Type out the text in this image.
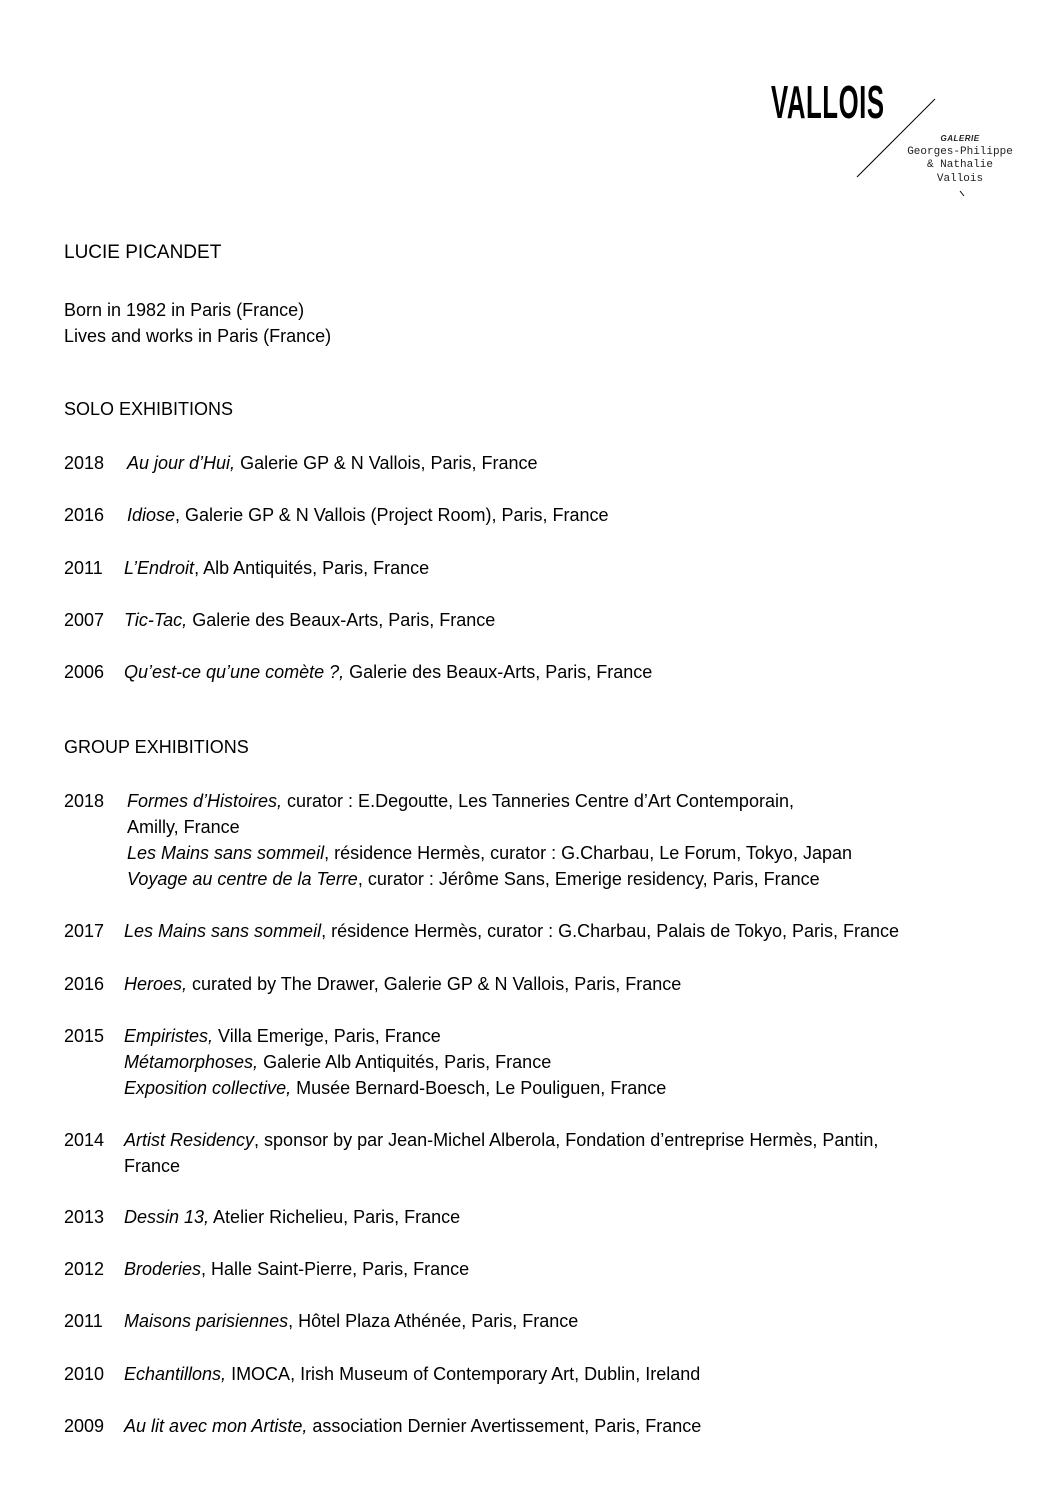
VALLOIS
GALERIE
Georges-Philippe
& Nathalie
Vallois
LUCIE PICANDET
Born in 1982 in Paris (France)
Lives and works in Paris (France)
SOLO EXHIBITIONS
2018	Au jour d’Hui, Galerie GP & N Vallois, Paris, France
2016	Idiose, Galerie GP & N Vallois (Project Room), Paris, France
2011	L’Endroit, Alb Antiquités, Paris, France
2007	Tic-Tac, Galerie des Beaux-Arts, Paris, France
2006	Qu’est-ce qu’une comète ?, Galerie des Beaux-Arts, Paris, France
GROUP EXHIBITIONS
2018	Formes d’Histoires, curator : E.Degoutte, Les Tanneries Centre d’Art Contemporain,
Amilly, France
Les Mains sans sommeil, résidence Hermès, curator : G.Charbau, Le Forum, Tokyo, Japan
Voyage au centre de la Terre, curator : Jérôme Sans, Emerige residency, Paris, France
2017	Les Mains sans sommeil, résidence Hermès, curator : G.Charbau, Palais de Tokyo, Paris, France
2016	Heroes, curated by The Drawer, Galerie GP & N Vallois, Paris, France
2015	Empiristes, Villa Emerige, Paris, France
Métamorphoses, Galerie Alb Antiquités, Paris, France
Exposition collective, Musée Bernard-Boesch, Le Pouliguen, France
2014	Artist Residency, sponsor by par Jean-Michel Alberola, Fondation d’entreprise Hermès, Pantin,
France
2013	Dessin 13, Atelier Richelieu, Paris, France
2012	Broderies, Halle Saint-Pierre, Paris, France
2011	Maisons parisiennes, Hôtel Plaza Athénée, Paris, France
2010	Echantillons, IMOCA, Irish Museum of Contemporary Art, Dublin, Ireland
2009	Au lit avec mon Artiste, association Dernier Avertissement, Paris, France
